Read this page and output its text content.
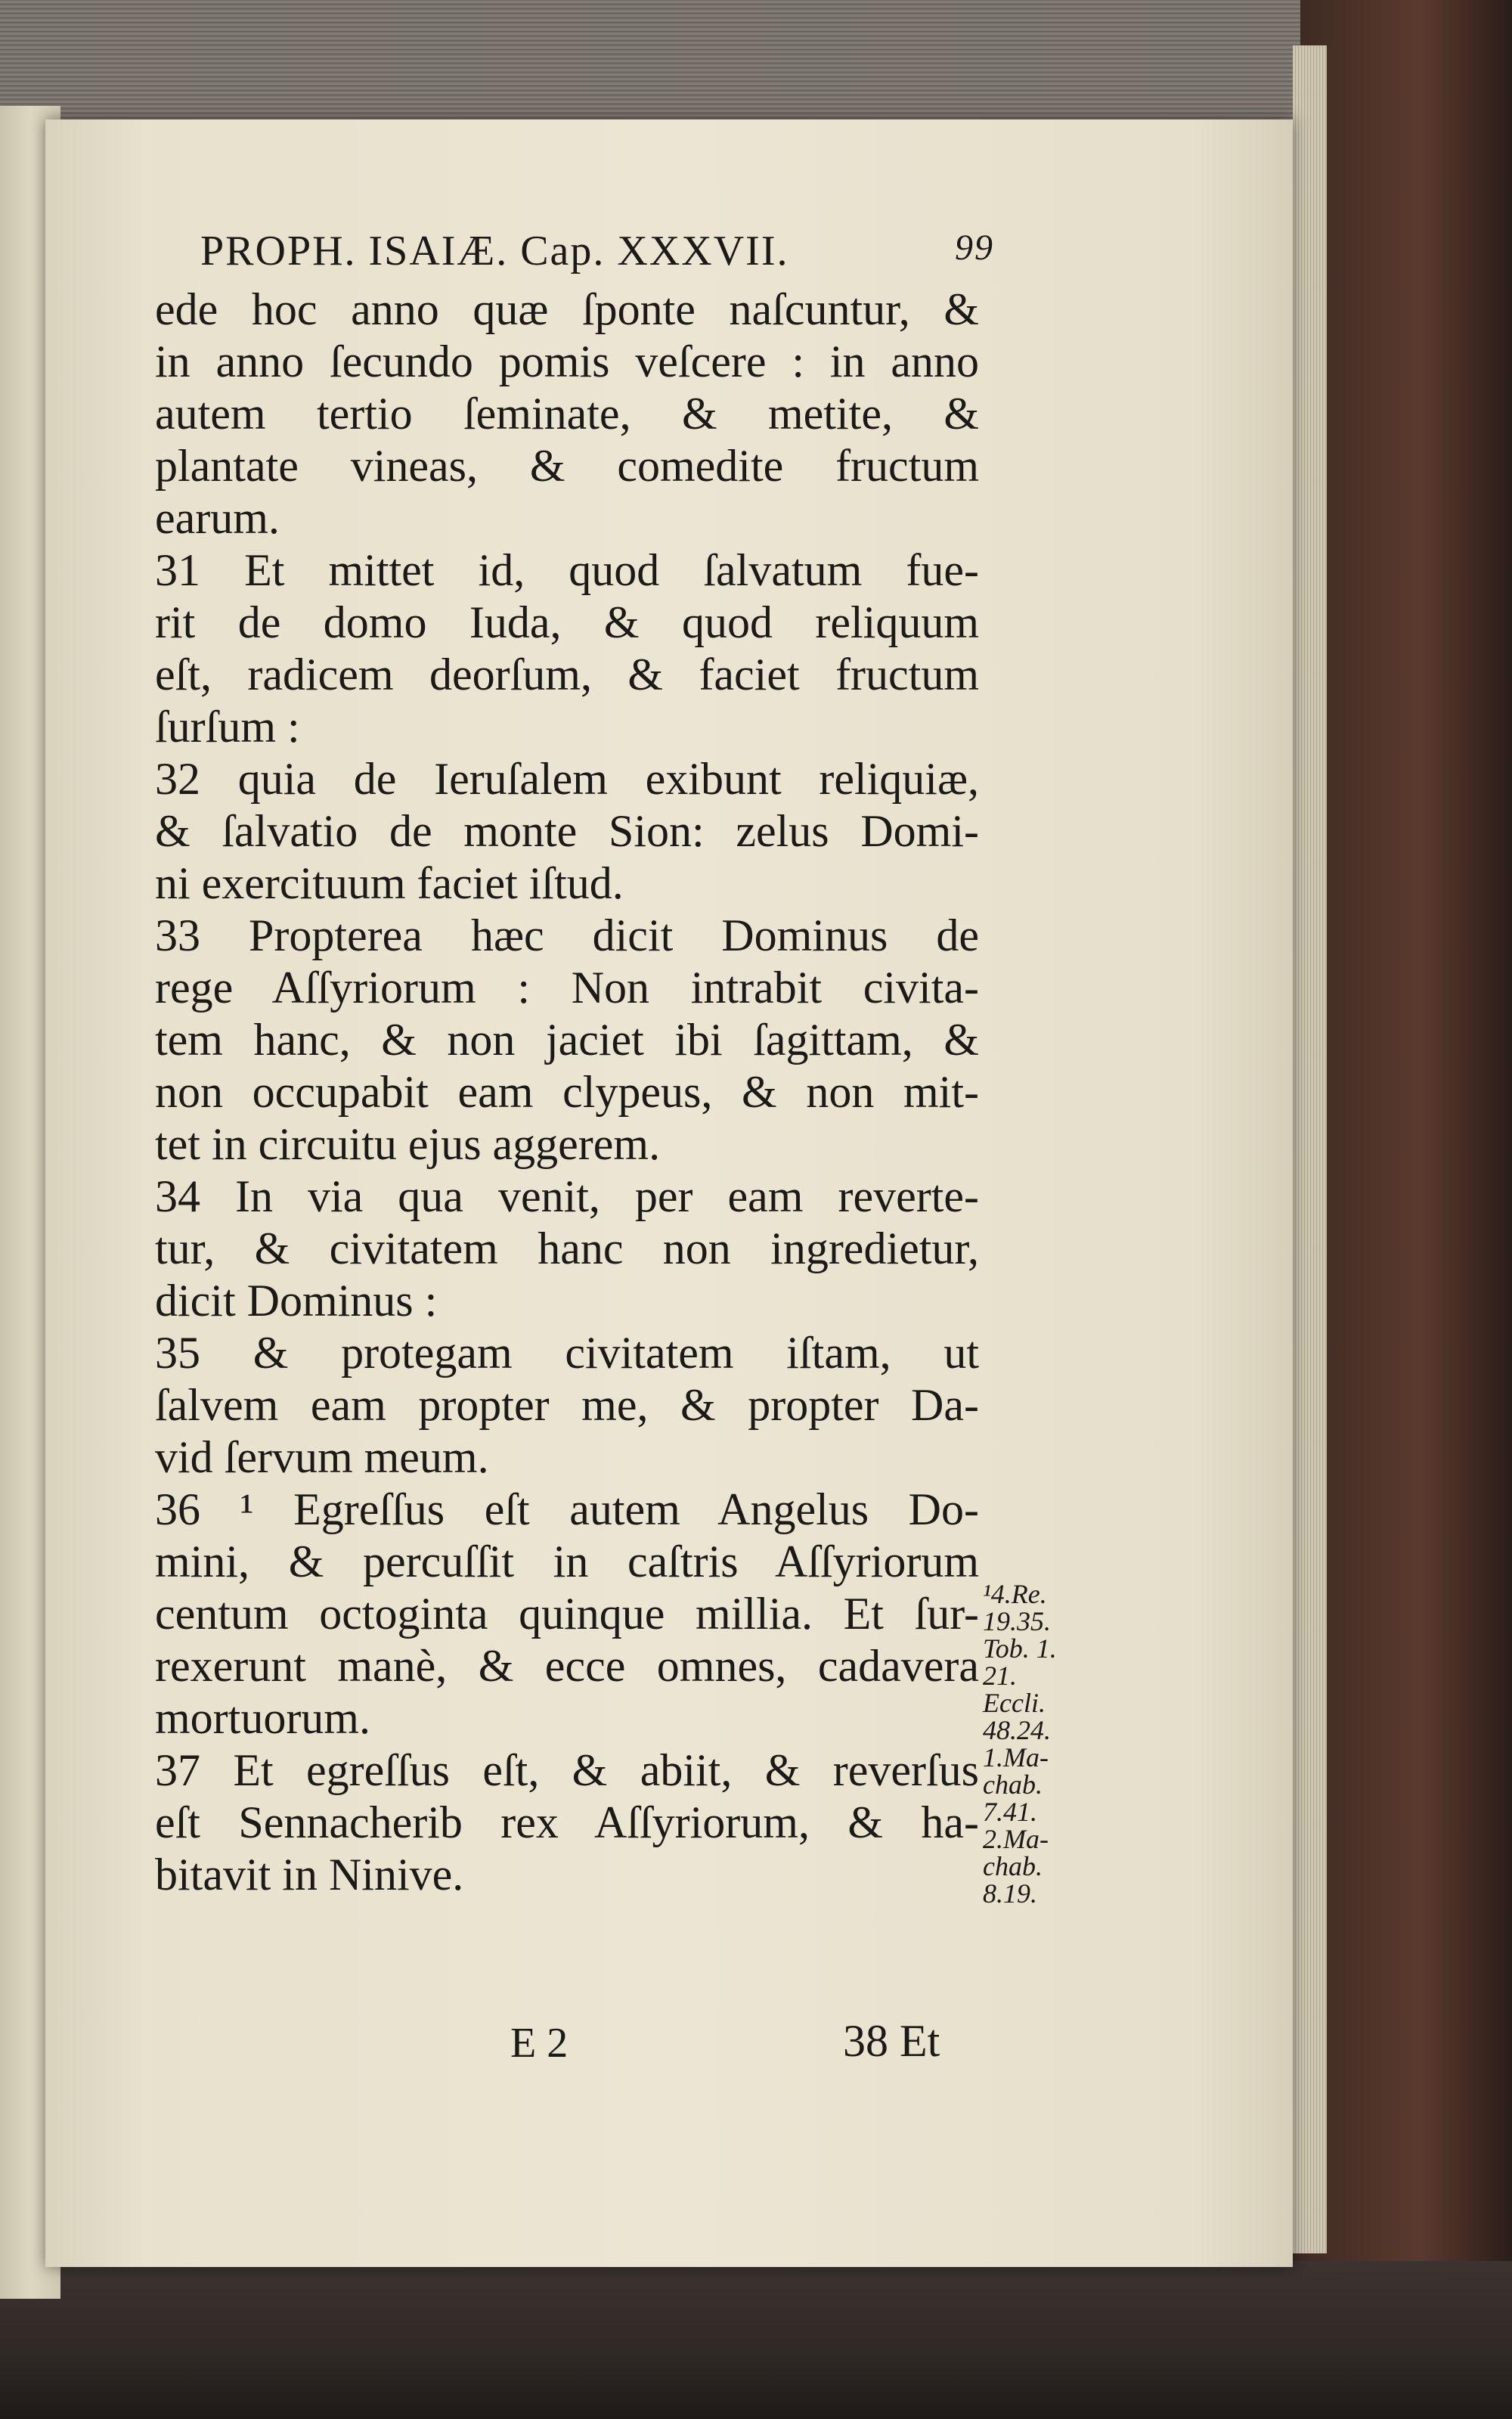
PROPH. ISAIÆ. Cap. XXXVII.	99
ede hoc anno quæ ſponte naſcuntur, &
in anno ſecundo pomis veſcere : in anno
autem tertio ſeminate, & metite, &
plantate vineas, & comedite fructum
earum.
31 Et mittet id, quod ſalvatum fue-
rit de domo Iuda, & quod reliquum
eſt, radicem deorſum, & faciet fructum
ſurſum :
32 quia de Ieruſalem exibunt reliquiæ,
& ſalvatio de monte Sion: zelus Domi-
ni exercituum faciet iſtud.
33 Propterea hæc dicit Dominus de
rege Aſſyriorum : Non intrabit civita-
tem hanc, & non jaciet ibi ſagittam, &
non occupabit eam clypeus, & non mit-
tet in circuitu ejus aggerem.
34 In via qua venit, per eam reverte-
tur, & civitatem hanc non ingredietur,
dicit Dominus :
35 & protegam civitatem iſtam, ut
ſalvem eam propter me, & propter Da-
vid ſervum meum.
36 ¹ Egreſſus eſt autem Angelus Do-
mini, & percuſſit in caſtris Aſſyriorum
centum octoginta quinque millia. Et ſur-
rexerunt manè, & ecce omnes, cadavera
mortuorum.
37 Et egreſſus eſt, & abiit, & reverſus
eſt Sennacherib rex Aſſyriorum, & ha-
bitavit in Ninive.
¹4.Re.
19.35.
Tob. 1.
21.
Eccli.
48.24.
1.Ma-
chab.
7.41.
2.Ma-
chab.
8.19.
E 2	38 Et
